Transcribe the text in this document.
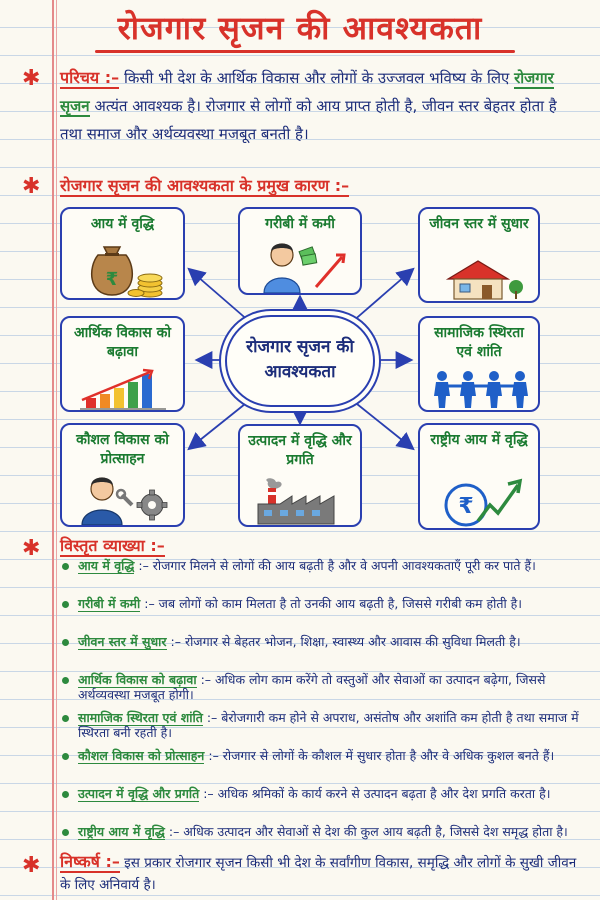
रोजगार सृजन की आवश्यकता
✱ परिचय :– किसी भी देश के आर्थिक विकास और लोगों के उज्जवल भविष्य के लिए रोजगार सृजन अत्यंत आवश्यक है। रोजगार से लोगों को आय प्राप्त होती है, जीवन स्तर बेहतर होता है तथा समाज और अर्थव्यवस्था मजबूत बनती है।

✱ रोजगार सृजन की आवश्यकता के प्रमुख कारण :–

आय में वृद्धि
₹
गरीबी में कमी	जीवन स्तर में सुधार
आर्थिक विकास को बढ़ावा
सामाजिक स्थिरता एवं शांति
कौशल विकास को प्रोत्साहन
उत्पादन में वृद्धि और प्रगति
राष्ट्रीय आय में वृद्धि
₹
रोजगार सृजन की आवश्यकता
✱ विस्तृत व्याख्या :–

आय में वृद्धि :– रोजगार मिलने से लोगों की आय बढ़ती है और वे अपनी आवश्यकताएँ पूरी कर पाते हैं।
गरीबी में कमी :– जब लोगों को काम मिलता है तो उनकी आय बढ़ती है, जिससे गरीबी कम होती है।
जीवन स्तर में सुधार :– रोजगार से बेहतर भोजन, शिक्षा, स्वास्थ्य और आवास की सुविधा मिलती है।
आर्थिक विकास को बढ़ावा :– अधिक लोग काम करेंगे तो वस्तुओं और सेवाओं का उत्पादन बढ़ेगा, जिससे अर्थव्यवस्था मजबूत होगी।
सामाजिक स्थिरता एवं शांति :– बेरोजगारी कम होने से अपराध, असंतोष और अशांति कम होती है तथा समाज में स्थिरता बनी रहती है।
कौशल विकास को प्रोत्साहन :– रोजगार से लोगों के कौशल में सुधार होता है और वे अधिक कुशल बनते हैं।
उत्पादन में वृद्धि और प्रगति :– अधिक श्रमिकों के कार्य करने से उत्पादन बढ़ता है और देश प्रगति करता है।
राष्ट्रीय आय में वृद्धि :– अधिक उत्पादन और सेवाओं से देश की कुल आय बढ़ती है, जिससे देश समृद्ध होता है।
✱ निष्कर्ष :– इस प्रकार रोजगार सृजन किसी भी देश के सर्वांगीण विकास, समृद्धि और लोगों के सुखी जीवन के लिए अनिवार्य है।
